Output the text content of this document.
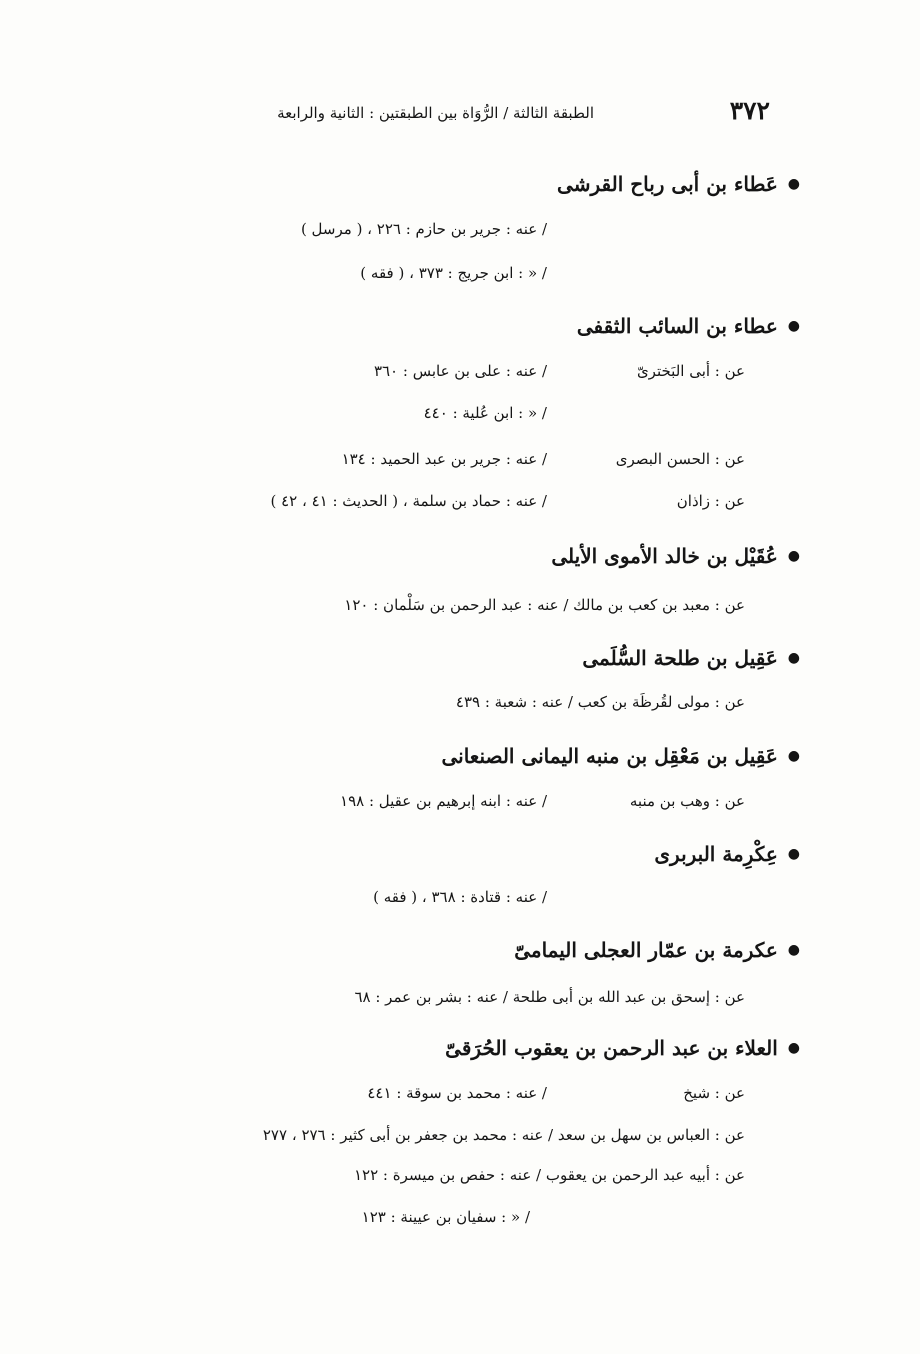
٣٧٢
الطبقة الثالثة / الرُّوَاة بين الطبقتين : الثانية والرابعة
●
عَطاء بن أبى رباح القرشى
/ عنه : جرير بن حازم : ٢٢٦ ، ( مرسل )
/ « : ابن جريج : ٣٧٣ ، ( فقه )
●
عطاء بن السائب الثقفى
عن : أبى البَخترىّ
/ عنه : على بن عابس : ٣٦٠
/ « : ابن عُلية : ٤٤٠
عن : الحسن البصرى
/ عنه : جرير بن عبد الحميد : ١٣٤
عن : زاذان
/ عنه : حماد بن سلمة ، ( الحديث : ٤١ ، ٤٢ )
●
عُقَيْل بن خالد الأموى الأيلى
عن : معبد بن كعب بن مالك / عنه : عبد الرحمن بن سَلْمان : ١٢٠
●
عَقِيل بن طلحة السُّلَمى
عن : مولى لقُرظَة بن كعب / عنه : شعبة : ٤٣٩
●
عَقِيل بن مَعْقِل بن منبه اليمانى الصنعانى
عن : وهب بن منبه
/ عنه : ابنه إبرهيم بن عقيل : ١٩٨
●
عِكْرِمة البربرى
/ عنه : قتادة : ٣٦٨ ، ( فقه )
●
عكرمة بن عمّار العجلى اليمامىّ
عن : إسحق بن عبد الله بن أبى طلحة / عنه : بشر بن عمر : ٦٨
●
العلاء بن عبد الرحمن بن يعقوب الحُرَقىّ
عن : شيخ
/ عنه : محمد بن سوقة : ٤٤١
عن : العباس بن سهل بن سعد / عنه : محمد بن جعفر بن أبى كثير : ٢٧٦ ، ٢٧٧
عن : أبيه عبد الرحمن بن يعقوب / عنه : حفص بن ميسرة : ١٢٢
/ « : سفيان بن عيينة : ١٢٣
